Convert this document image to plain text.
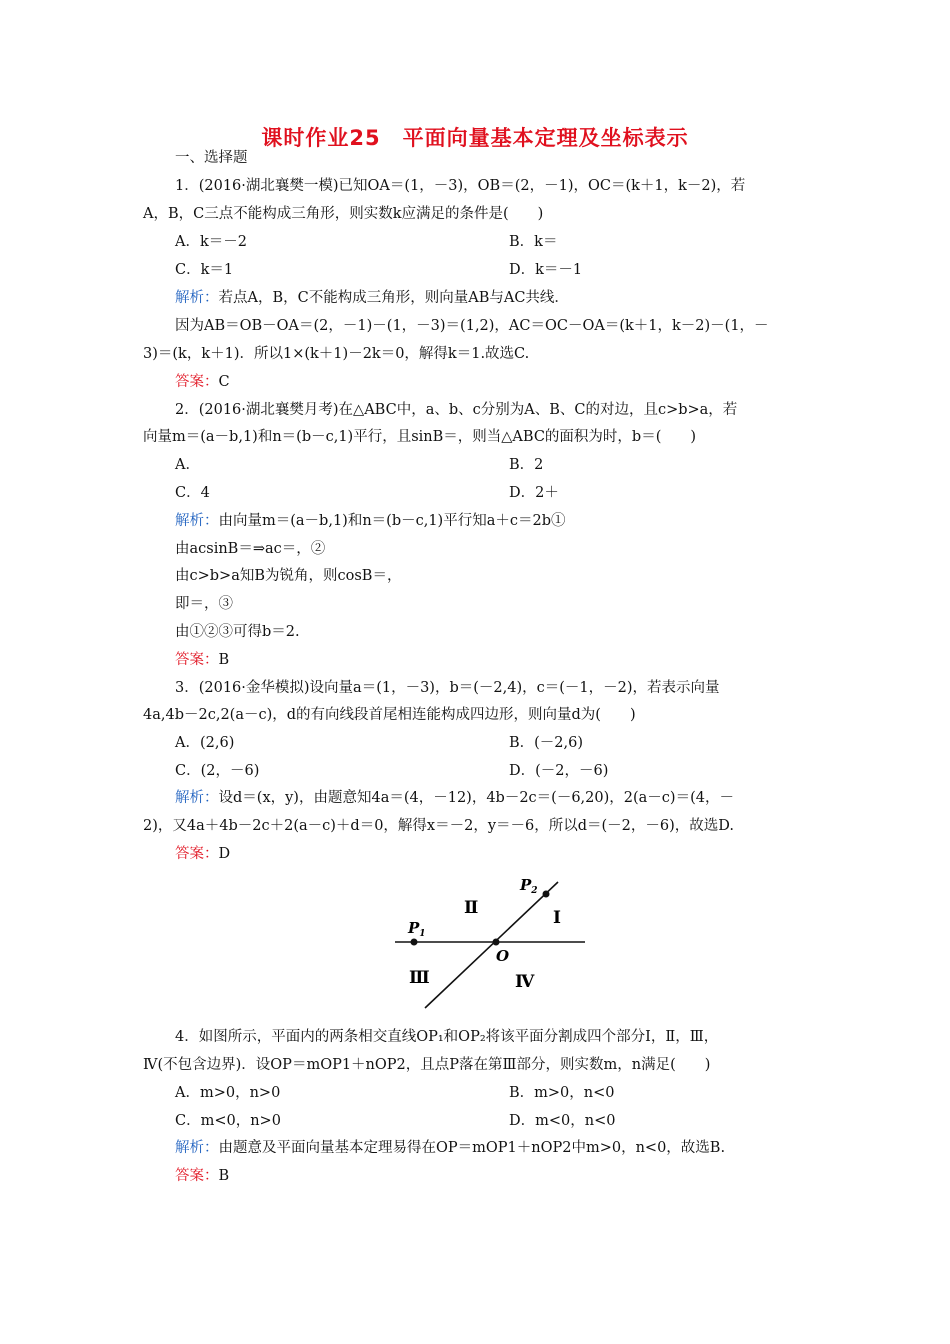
课时作业25　平面向量基本定理及坐标表示
一、选择题
1．(2016·湖北襄樊一模)已知OA＝(1，－3)，OB＝(2，－1)，OC＝(k＋1，k－2)，若
A，B，C三点不能构成三角形，则实数k应满足的条件是(　　)
A．k＝－2	B．k＝
C．k＝1	D．k＝－1
解析：若点A，B，C不能构成三角形，则向量AB与AC共线．
因为AB＝OB－OA＝(2，－1)－(1，－3)＝(1,2)，AC＝OC－OA＝(k＋1，k－2)－(1，－
3)＝(k，k＋1)．所以1×(k＋1)－2k＝0，解得k＝1.故选C.
答案：C
2．(2016·湖北襄樊月考)在△ABC中，a、b、c分别为A、B、C的对边，且c>b>a，若
向量m＝(a－b,1)和n＝(b－c,1)平行，且sinB＝，则当△ABC的面积为时，b＝(　　)
A．	B．2
C．4	D．2＋
解析：由向量m＝(a－b,1)和n＝(b－c,1)平行知a＋c＝2b①
由acsinB＝⇒ac＝，②
由c>b>a知B为锐角，则cosB＝，
即＝，③
由①②③可得b＝2.
答案：B
3．(2016·金华模拟)设向量a＝(1，－3)，b＝(－2,4)，c＝(－1，－2)，若表示向量
4a,4b－2c,2(a－c)，d的有向线段首尾相连能构成四边形，则向量d为(　　)
A．(2,6)	B．(－2,6)
C．(2，－6)	D．(－2，－6)
解析：设d＝(x，y)，由题意知4a＝(4，－12)，4b－2c＝(－6,20)，2(a－c)＝(4，－
2)，又4a＋4b－2c＋2(a－c)＋d＝0，解得x＝－2，y＝－6，所以d＝(－2，－6)，故选D.
答案：D
$P_1$
$P_2$
O
Ⅰ
Ⅱ
Ⅲ	Ⅳ
4．如图所示，平面内的两条相交直线OP₁和OP₂将该平面分割成四个部分Ⅰ，Ⅱ，Ⅲ，
Ⅳ(不包含边界)．设OP＝mOP1＋nOP2，且点P落在第Ⅲ部分，则实数m，n满足(　　)
A．m>0，n>0	B．m>0，n<0
C．m<0，n>0	D．m<0，n<0
解析：由题意及平面向量基本定理易得在OP＝mOP1＋nOP2中m>0，n<0，故选B.
答案：B
